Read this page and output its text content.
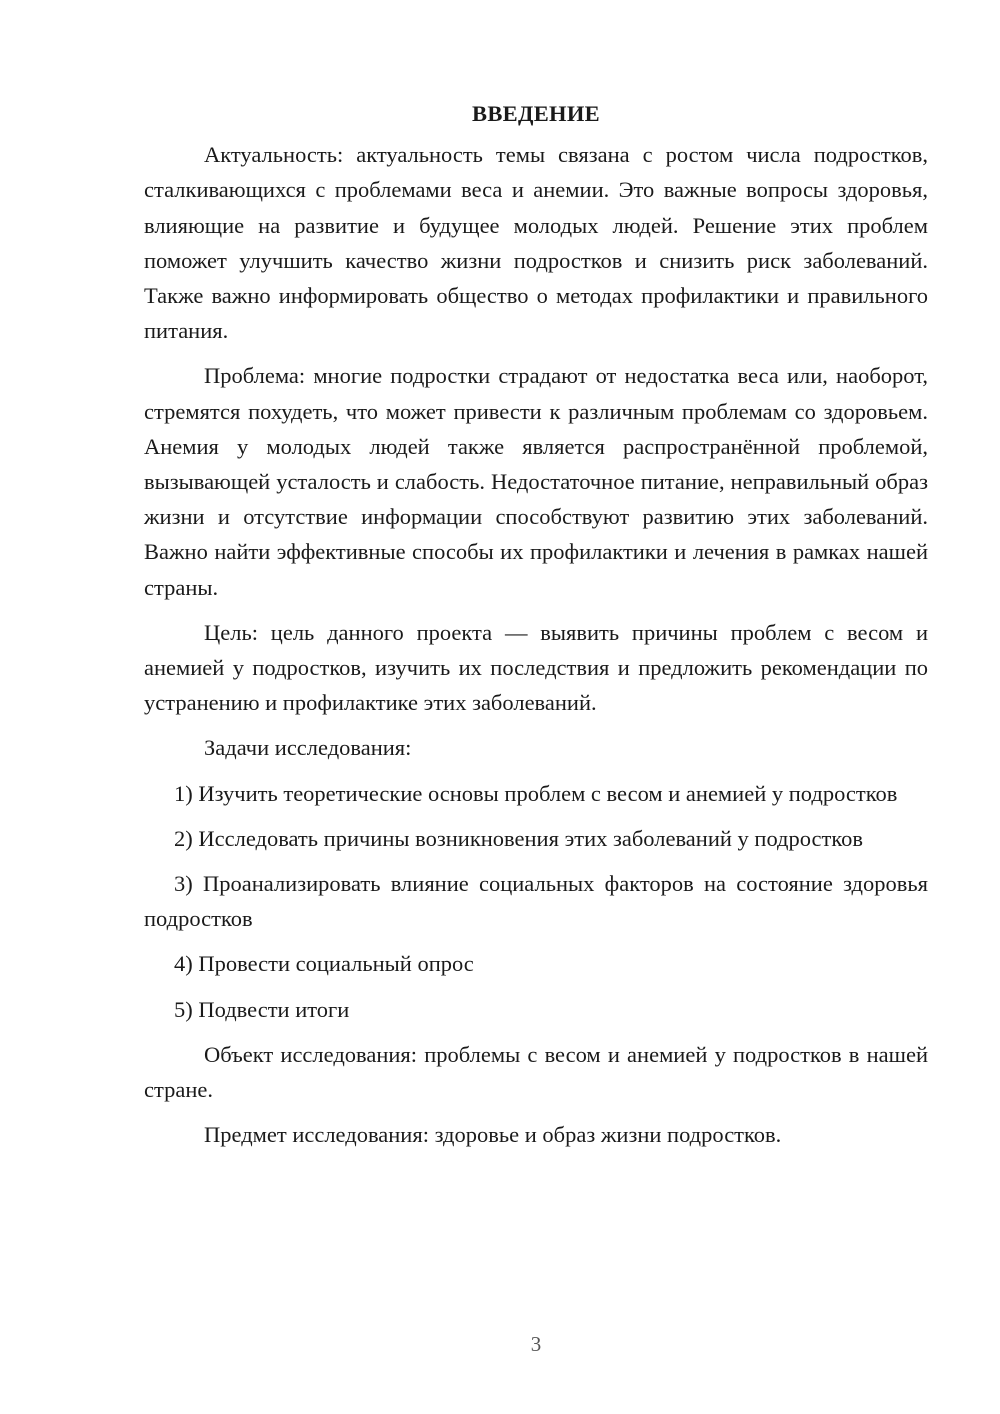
ВВЕДЕНИЕ

Актуальность: актуальность темы связана с ростом числа подростков, сталкивающихся с проблемами веса и анемии. Это важные вопросы здоровья, влияющие на развитие и будущее молодых людей. Решение этих проблем поможет улучшить качество жизни подростков и снизить риск заболеваний. Также важно информировать общество о методах профилактики и правильного питания.

Проблема: многие подростки страдают от недостатка веса или, наоборот, стремятся похудеть, что может привести к различным проблемам со здоровьем. Анемия у молодых людей также является распространённой проблемой, вызывающей усталость и слабость. Недостаточное питание, неправильный образ жизни и отсутствие информации способствуют развитию этих заболеваний. Важно найти эффективные способы их профилактики и лечения в рамках нашей страны.

Цель: цель данного проекта — выявить причины проблем с весом и анемией у подростков, изучить их последствия и предложить рекомендации по устранению и профилактике этих заболеваний.

Задачи исследования:

1) Изучить теоретические основы проблем с весом и анемией у подростков

2) Исследовать причины возникновения этих заболеваний у подростков

3) Проанализировать влияние социальных факторов на состояние здоровья подростков

4) Провести социальный опрос

5) Подвести итоги

Объект исследования: проблемы с весом и анемией у подростков в нашей стране.

Предмет исследования: здоровье и образ жизни подростков.

3
